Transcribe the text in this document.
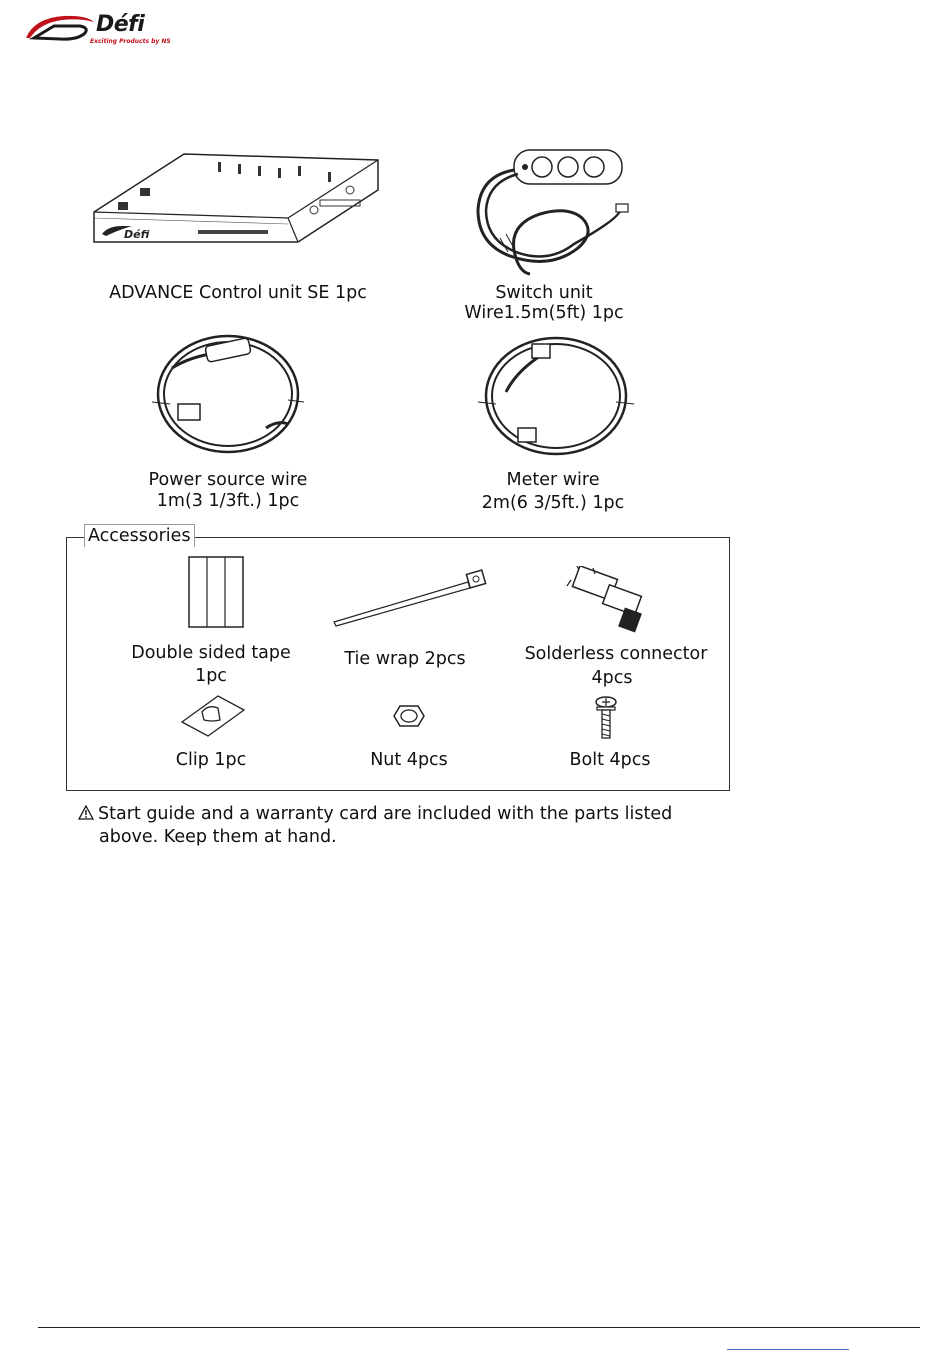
Défi
Exciting Products by NS
Défi
ADVANCE Control unit SE 1pc	Switch unit
Wire1.5m(5ft) 1pc
Power source wire
1m(3 1/3ft.) 1pc
Meter wire
2m(6 3/5ft.) 1pc
Accessories
Double sided tape
1pc
Tie wrap 2pcs	Solderless connector
4pcs
Clip 1pc	Nut 4pcs	Bolt 4pcs
Start guide and a warranty card are included with the parts listed
above. Keep them at hand.
